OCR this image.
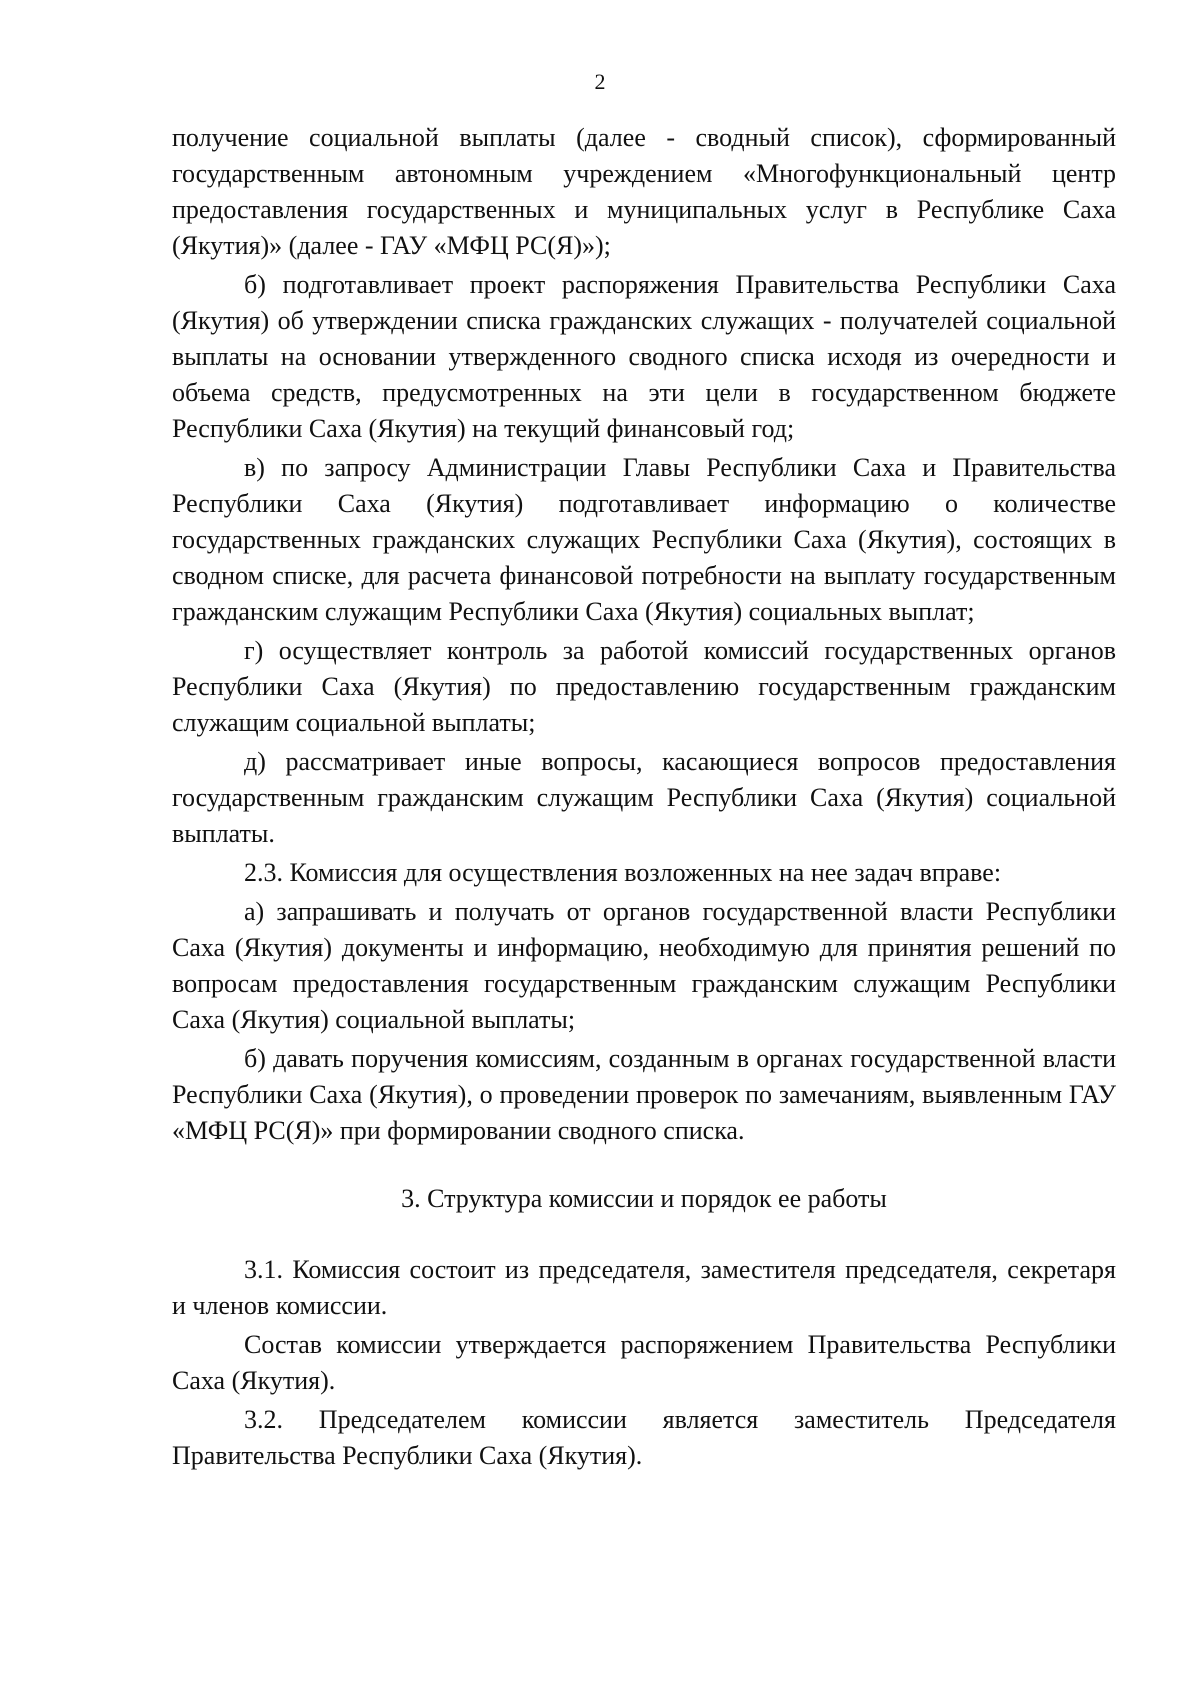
2

получение социальной выплаты (далее - сводный список), сформированный государственным автономным учреждением «Многофункциональный центр предоставления государственных и муниципальных услуг в Республике Саха (Якутия)» (далее - ГАУ «МФЦ РС(Я)»);

б) подготавливает проект распоряжения Правительства Республики Саха (Якутия) об утверждении списка гражданских служащих - получателей социальной выплаты на основании утвержденного сводного списка исходя из очередности и объема средств, предусмотренных на эти цели в государственном бюджете Республики Саха (Якутия) на текущий финансовый год;

в) по запросу Администрации Главы Республики Саха и Правительства Республики Саха (Якутия) подготавливает информацию о количестве государственных гражданских служащих Республики Саха (Якутия), состоящих в сводном списке, для расчета финансовой потребности на выплату государственным гражданским служащим Республики Саха (Якутия) социальных выплат;

г) осуществляет контроль за работой комиссий государственных органов Республики Саха (Якутия) по предоставлению государственным гражданским служащим социальной выплаты;

д) рассматривает иные вопросы, касающиеся вопросов предоставления государственным гражданским служащим Республики Саха (Якутия) социальной выплаты.

2.3. Комиссия для осуществления возложенных на нее задач вправе:

а) запрашивать и получать от органов государственной власти Республики Саха (Якутия) документы и информацию, необходимую для принятия решений по вопросам предоставления государственным гражданским служащим Республики Саха (Якутия) социальной выплаты;

б) давать поручения комиссиям, созданным в органах государственной власти Республики Саха (Якутия), о проведении проверок по замечаниям, выявленным ГАУ «МФЦ РС(Я)» при формировании сводного списка.

3. Структура комиссии и порядок ее работы

3.1. Комиссия состоит из председателя, заместителя председателя, секретаря и членов комиссии.

Состав комиссии утверждается распоряжением Правительства Республики Саха (Якутия).

3.2. Председателем комиссии является заместитель Председателя Правительства Республики Саха (Якутия).
